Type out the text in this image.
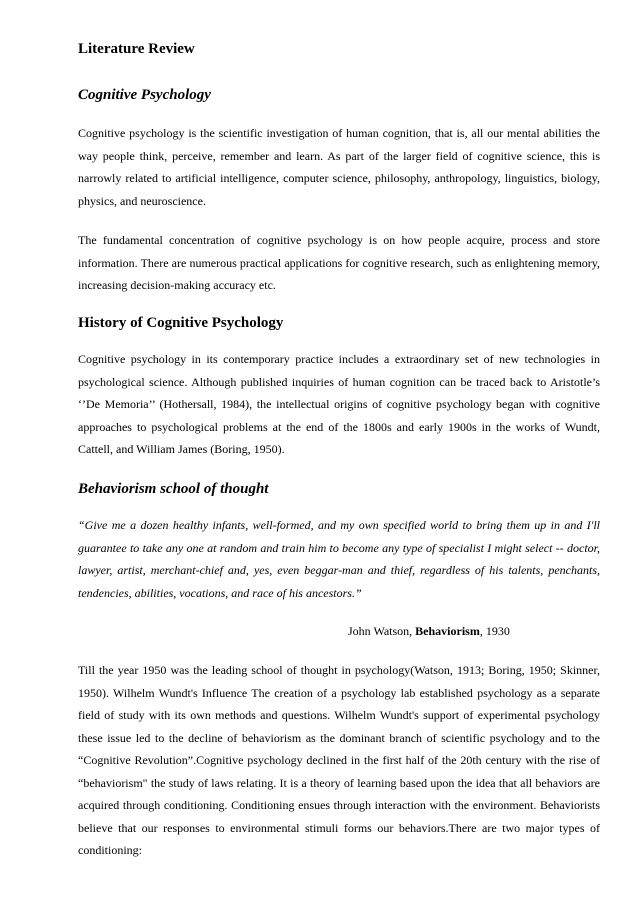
Literature Review
Cognitive Psychology

Cognitive psychology is the scientific investigation of human cognition, that is, all our mental abilities the way people think, perceive, remember and learn. As part of the larger field of cognitive science, this is narrowly related to artificial intelligence, computer science, philosophy, anthropology, linguistics, biology, physics, and neuroscience.

The fundamental concentration of cognitive psychology is on how people acquire, process and store information. There are numerous practical applications for cognitive research, such as enlightening memory, increasing decision-making accuracy etc.

History of Cognitive Psychology

Cognitive psychology in its contemporary practice includes a extraordinary set of new technologies in psychological science. Although published inquiries of human cognition can be traced back to Aristotle’s ‘’De Memoria’’ (Hothersall, 1984), the intellectual origins of cognitive psychology began with cognitive approaches to psychological problems at the end of the 1800s and early 1900s in the works of Wundt, Cattell, and William James (Boring, 1950).

Behaviorism school of thought

“Give me a dozen healthy infants, well-formed, and my own specified world to bring them up in and I'll guarantee to take any one at random and train him to become any type of specialist I might select -- doctor, lawyer, artist, merchant-chief and, yes, even beggar-man and thief, regardless of his talents, penchants, tendencies, abilities, vocations, and race of his ancestors.”

John Watson, Behaviorism, 1930

Till the year 1950 was the leading school of thought in psychology(Watson, 1913; Boring, 1950; Skinner, 1950). Wilhelm Wundt's Influence The creation of a psychology lab established psychology as a separate field of study with its own methods and questions. Wilhelm Wundt's support of experimental psychology these issue led to the decline of behaviorism as the dominant branch of scientific psychology and to the “Cognitive Revolution”.Cognitive psychology declined in the first half of the 20th century with the rise of “behaviorism" the study of laws relating. It is a theory of learning based upon the idea that all behaviors are acquired through conditioning. Conditioning ensues through interaction with the environment. Behaviorists believe that our responses to environmental stimuli forms our behaviors.There are two major types of conditioning:
